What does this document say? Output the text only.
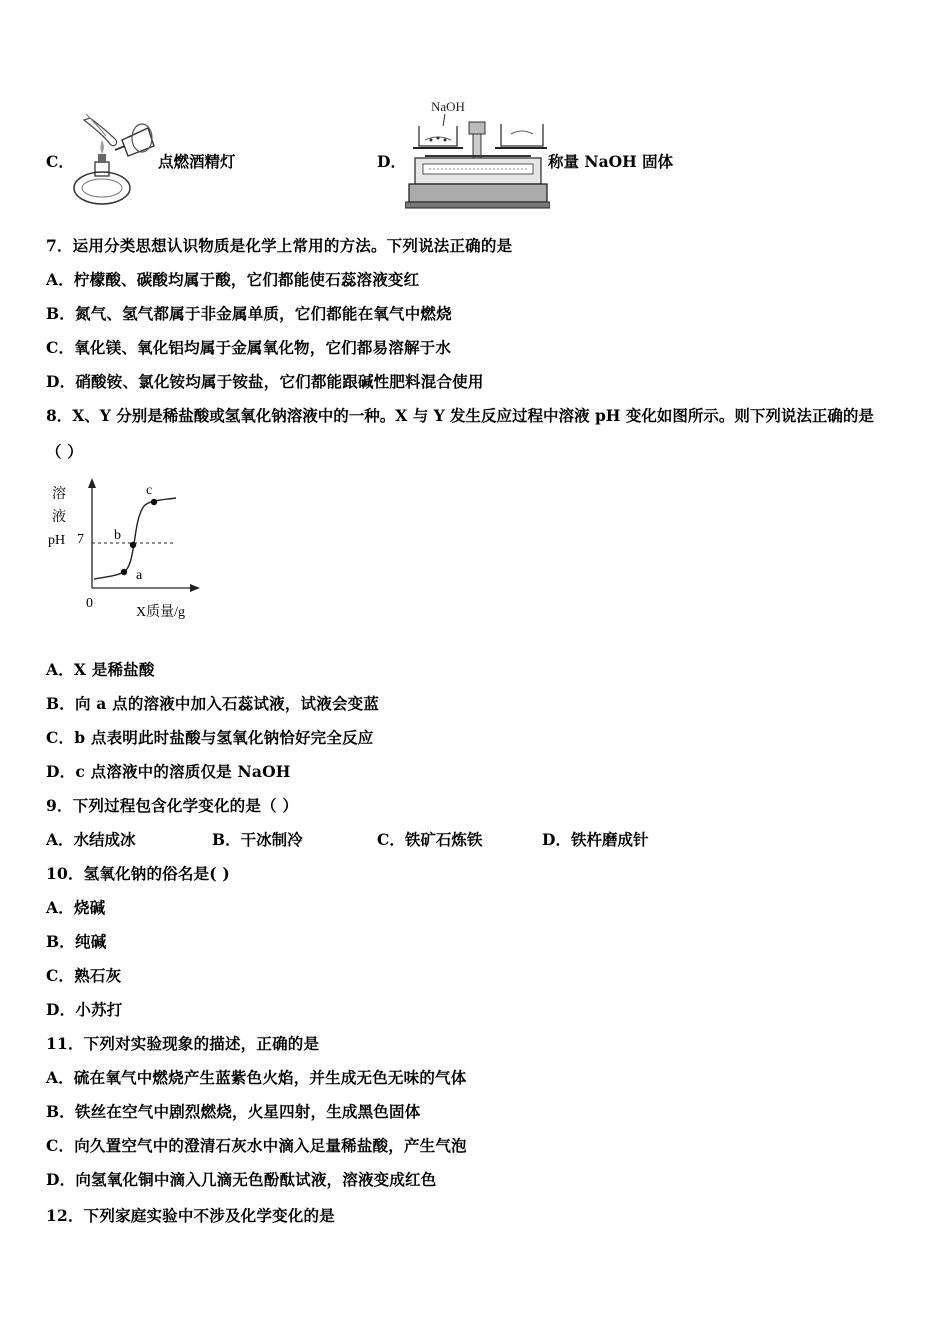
C．	点燃酒精灯	D．
NaOH
称量 NaOH 固体
7．运用分类思想认识物质是化学上常用的方法。下列说法正确的是
A．柠檬酸、碳酸均属于酸，它们都能使石蕊溶液变红
B．氮气、氢气都属于非金属单质，它们都能在氧气中燃烧
C．氧化镁、氧化铝均属于金属氧化物，它们都易溶解于水
D．硝酸铵、氯化铵均属于铵盐，它们都能跟碱性肥料混合使用
8．X、Y 分别是稀盐酸或氢氧化钠溶液中的一种。X 与 Y 发生反应过程中溶液 pH 变化如图所示。则下列说法正确的是
（ ）
溶
液
pH 7
0
X质量/g
a
b
c
A．X 是稀盐酸
B．向 a 点的溶液中加入石蕊试液，试液会变蓝
C．b 点表明此时盐酸与氢氧化钠恰好完全反应
D．c 点溶液中的溶质仅是 NaOH
9．下列过程包含化学变化的是（ ）
A．水结成冰	B．干冰制冷	C．铁矿石炼铁	D．铁杵磨成针
10．氢氧化钠的俗名是( )
A．烧碱
B．纯碱
C．熟石灰
D．小苏打
11．下列对实验现象的描述，正确的是
A．硫在氧气中燃烧产生蓝紫色火焰，并生成无色无味的气体
B．铁丝在空气中剧烈燃烧，火星四射，生成黑色固体
C．向久置空气中的澄清石灰水中滴入足量稀盐酸，产生气泡
D．向氢氧化铜中滴入几滴无色酚酞试液，溶液变成红色
12．下列家庭实验中不涉及化学变化的是
